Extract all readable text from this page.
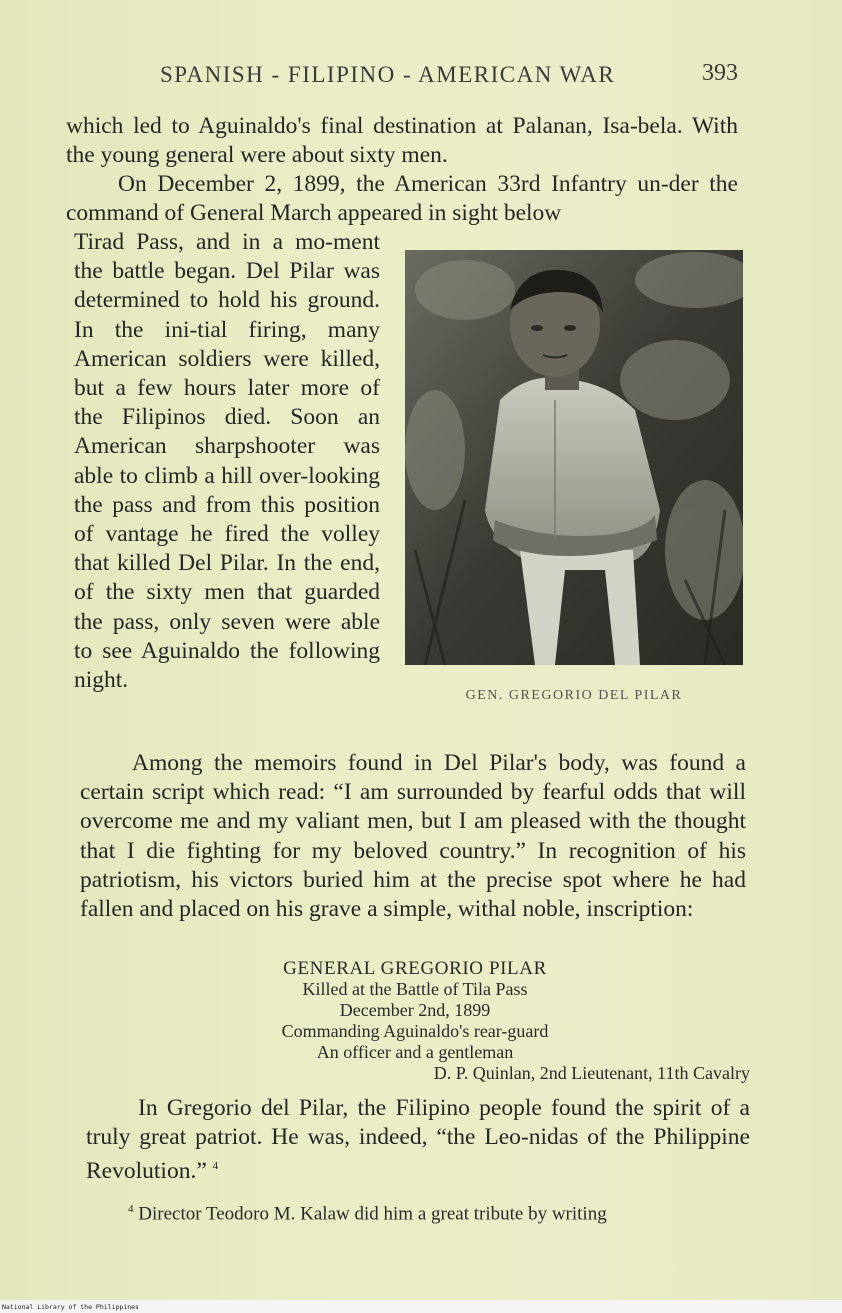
SPANISH - FILIPINO - AMERICAN WAR	393

which led to Aguinaldo's final destination at Palanan, Isa-bela. With the young general were about sixty men.

On December 2, 1899, the American 33rd Infantry un-der the command of General March appeared in sight below

Tirad Pass, and in a mo-ment the battle began. Del Pilar was determined to hold his ground. In the ini-tial firing, many American soldiers were killed, but a few hours later more of the Filipinos died. Soon an American sharpshooter was able to climb a hill over-looking the pass and from this position of vantage he fired the volley that killed Del Pilar. In the end, of the sixty men that guarded the pass, only seven were able to see Aguinaldo the following night.

GEN. GREGORIO DEL PILAR

Among the memoirs found in Del Pilar's body, was found a certain script which read: “I am surrounded by fearful odds that will overcome me and my valiant men, but I am pleased with the thought that I die fighting for my beloved country.” In recognition of his patriotism, his victors buried him at the precise spot where he had fallen and placed on his grave a simple, withal noble, inscription:

GENERAL GREGORIO PILAR

Killed at the Battle of Tila Pass

December 2nd, 1899

Commanding Aguinaldo's rear-guard

An officer and a gentleman

D. P. Quinlan, 2nd Lieutenant, 11th Cavalry

In Gregorio del Pilar, the Filipino people found the spirit of a truly great patriot. He was, indeed, “the Leo-nidas of the Philippine Revolution.” $^4$

$^4$ Director Teodoro M. Kalaw did him a great tribute by writing

National Library of the Philippines
